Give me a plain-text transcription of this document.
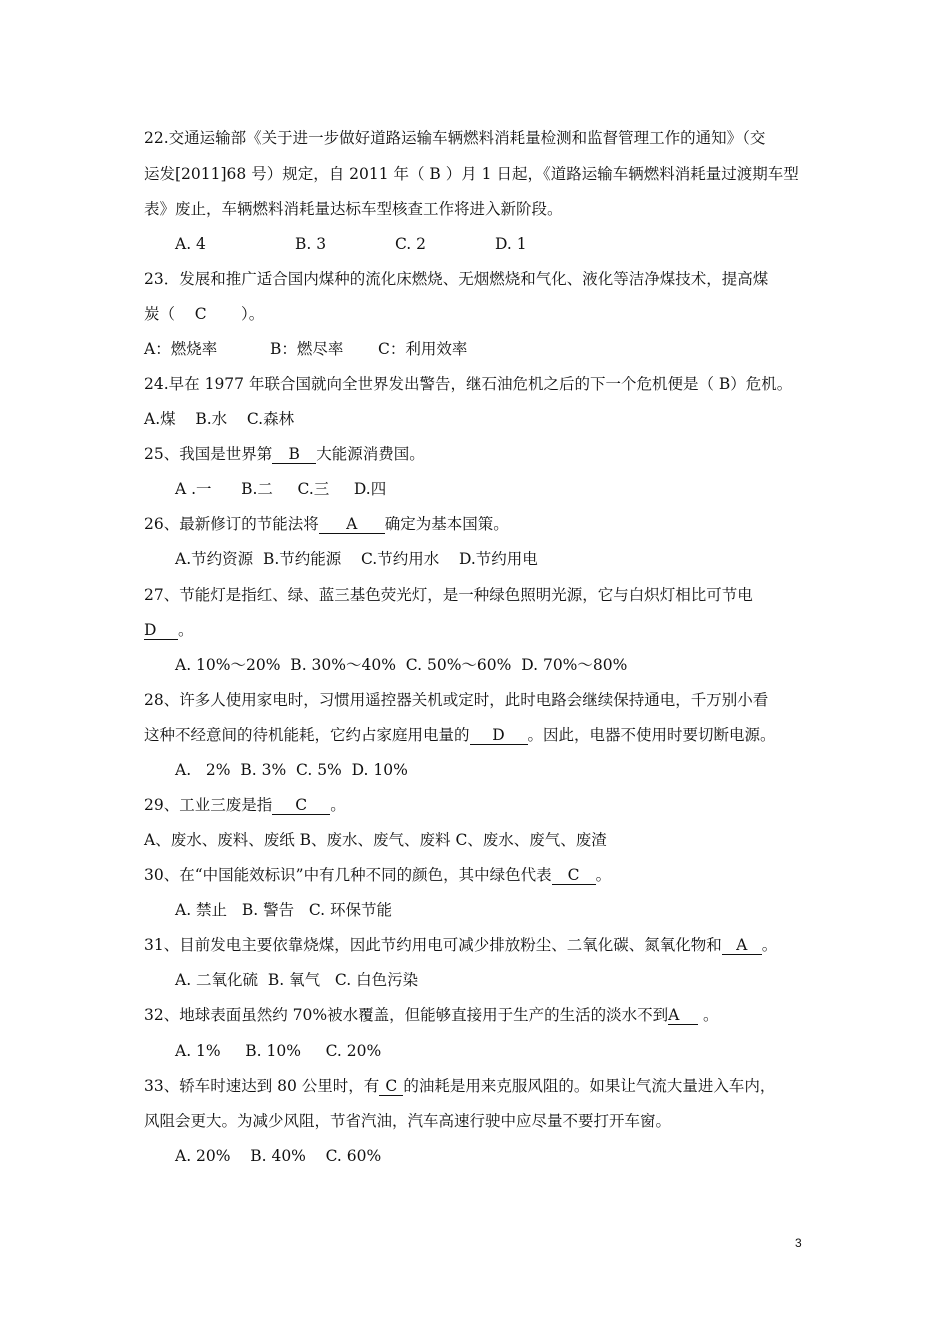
22.交通运输部《关于进一步做好道路运输车辆燃料消耗量检测和监督管理工作的通知》（交
运发[2011]68 号）规定，自 2011 年（ B ）月 1 日起，《道路运输车辆燃料消耗量过渡期车型
表》废止，车辆燃料消耗量达标车型核查工作将进入新阶段。
A. 4	B. 3	C. 2	D. 1
23．发展和推广适合国内煤种的流化床燃烧、无烟燃烧和气化、液化等洁净煤技术，提高煤
炭（    C       ）。
A：燃烧率	B：燃尽率 C：利用效率
24.早在 1977 年联合国就向全世界发出警告，继石油危机之后的下一个危机便是（ B）危机。
A.煤    B.水    C.森林
25、我国是世界第 B 大能源消费国。
A .一      B.二     C.三     D.四
26、最新修订的节能法将 A 确定为基本国策。
A.节约资源  B.节约能源    C.节约用水    D.节约用电
27、节能灯是指红、绿、蓝三基色荧光灯，是一种绿色照明光源，它与白炽灯相比可节电
D 。
A. 10%～20%  B. 30%～40%  C. 50%～60%  D. 70%～80%
28、许多人使用家电时，习惯用遥控器关机或定时，此时电路会继续保持通电，千万别小看
这种不经意间的待机能耗，它约占家庭用电量的 D 。因此，电器不使用时要切断电源。
A.   2%  B. 3%  C. 5%  D. 10%
29、工业三废是指 C 。
A、废水、废料、废纸 B、废水、废气、废料 C、废水、废气、废渣
30、在“中国能效标识”中有几种不同的颜色，其中绿色代表 C 。
A. 禁止   B. 警告   C. 环保节能
31、目前发电主要依靠烧煤，因此节约用电可减少排放粉尘、二氧化碳、氮氧化物和 A 。
A. 二氧化硫  B. 氧气   C. 白色污染
32、地球表面虽然约 70%被水覆盖，但能够直接用于生产的生活的淡水不到A 。
A. 1%     B. 10%     C. 20%
33、轿车时速达到 80 公里时，有 C 的油耗是用来克服风阻的。如果让气流大量进入车内，
风阻会更大。为减少风阻，节省汽油，汽车高速行驶中应尽量不要打开车窗。
A. 20%    B. 40%    C. 60%
3
